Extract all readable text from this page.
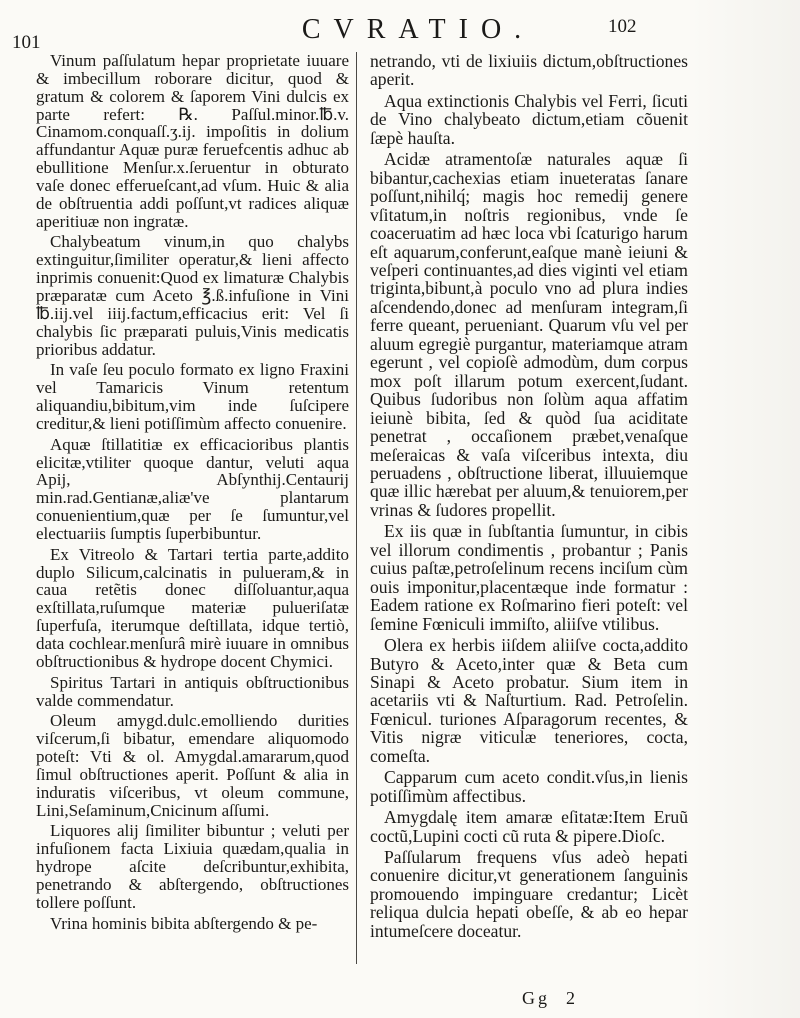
101	CVRATIO.	102

Vinum paſſulatum hepar proprietate iuuare & imbecillum roborare dicitur, quod & gratum & colorem & ſaporem Vini dulcis ex parte refert: ℞. Paſſul.minor.℔.v. Cinamom.conquaſſ.ʒ.ij. impoſitis in dolium affundantur Aquæ puræ feruefcentis adhuc ab ebullitione Menſur.x.ſeruentur in obturato vaſe donec efferueſcant,ad vſum. Huic & alia de obſtruentia addi poſſunt,vt radices aliquæ aperitiuæ non ingratæ.

Chalybeatum vinum,in quo chalybs extinguitur,ſimiliter operatur,& lieni affecto inprimis conuenit:Quod ex limaturæ Chalybis præparatæ cum Aceto ℥.ß.infuſione in Vini ℔.iij.vel iiij.factum,efficacius erit: Vel ſi chalybis ſic præparati puluis,Vinis medicatis prioribus addatur.

In vaſe ſeu poculo formato ex ligno Fraxini vel Tamaricis Vinum retentum aliquandiu,bibitum,vim inde ſuſcipere creditur,& lieni potiſſimùm affecto conuenire.

Aquæ ſtillatitiæ ex efficacioribus plantis elicitæ,vtiliter quoque dantur, veluti aqua Apij, Abſynthij.Centaurij min.rad.Gentianæ,aliæ've plantarum conuenientium,quæ per ſe ſumuntur,vel electuariis ſumptis ſuperbibuntur.

Ex Vitreolo & Tartari tertia parte,addito duplo Silicum,calcinatis in pulueram,& in caua retẽtis donec diſſoluantur,aqua exſtillata,ruſumque materiæ pulueriſatæ ſuperfuſa, iterumque deſtillata, idque tertiò, data cochlear.menſurâ mirè iuuare in omnibus obſtructionibus & hydrope docent Chymici.

Spiritus Tartari in antiquis obſtructionibus valde commendatur.

Oleum amygd.dulc.emolliendo durities viſcerum,ſi bibatur, emendare aliquomodo poteſt: Vti & ol. Amygdal.amararum,quod ſimul obſtructiones aperit. Poſſunt & alia in induratis viſceribus, vt oleum commune, Lini,Seſaminum,Cnicinum aſſumi.

Liquores alij ſimiliter bibuntur ; veluti per infuſionem facta Lixiuia quædam,qualia in hydrope aſcite deſcribuntur,exhibita, penetrando & abſtergendo, obſtructiones tollere poſſunt.

Vrina hominis bibita abſtergendo & pe-

netrando, vti de lixiuiis dictum,obſtructiones aperit.

Aqua extinctionis Chalybis vel Ferri, ſicuti de Vino chalybeato dictum,etiam cõuenit ſæpè hauſta.

Acidæ atramentoſæ naturales aquæ ſi bibantur,cachexias etiam inueteratas ſanare poſſunt,nihilq́; magis hoc remedij genere vſitatum,in noſtris regionibus, vnde ſe coaceruatim ad hæc loca vbi ſcaturigo harum eſt aquarum,conferunt,eaſque manè ieiuni & veſperi continuantes,ad dies viginti vel etiam triginta,bibunt,à poculo vno ad plura indies aſcendendo,donec ad menſuram integram,ſi ferre queant, perueniant. Quarum vſu vel per aluum egregiè purgantur, materiamque atram egerunt , vel copioſè admodùm, dum corpus mox poſt illarum potum exercent,ſudant. Quibus ſudoribus non ſolùm aqua affatim ieiunè bibita, ſed & quòd ſua aciditate penetrat , occaſionem præbet,venaſque meſeraicas & vaſa viſceribus intexta, diu peruadens , obſtructione liberat, illuuiemque quæ illic hærebat per aluum,& tenuiorem,per vrinas & ſudores propellit.

Ex iis quæ in ſubſtantia ſumuntur, in cibis vel illorum condimentis , probantur ; Panis cuius paſtæ,petroſelinum recens inciſum cùm ouis imponitur,placentæque inde formatur : Eadem ratione ex Roſmarino fieri poteſt: vel ſemine Fœniculi immiſto, aliiſve vtilibus.

Olera ex herbis iiſdem aliiſve cocta,addito Butyro & Aceto,inter quæ & Beta cum Sinapi & Aceto probatur. Sium item in acetariis vti & Naſturtium. Rad. Petroſelin. Fœnicul. turiones Aſparagorum recentes, & Vitis nigræ viticulæ teneriores, cocta, comeſta.

Capparum cum aceto condit.vſus,in lienis potiſſimùm affectibus.

Amygdalę item amaræ eſitatæ:Item Eruũ coctũ,Lupini cocti cũ ruta & pipere.Dioſc.

Paſſularum frequens vſus adeò hepati conuenire dicitur,vt generationem ſanguinis promouendo impinguare credantur; Licèt reliqua dulcia hepati obeſſe, & ab eo hepar intumeſcere doceatur.

Gg 2
